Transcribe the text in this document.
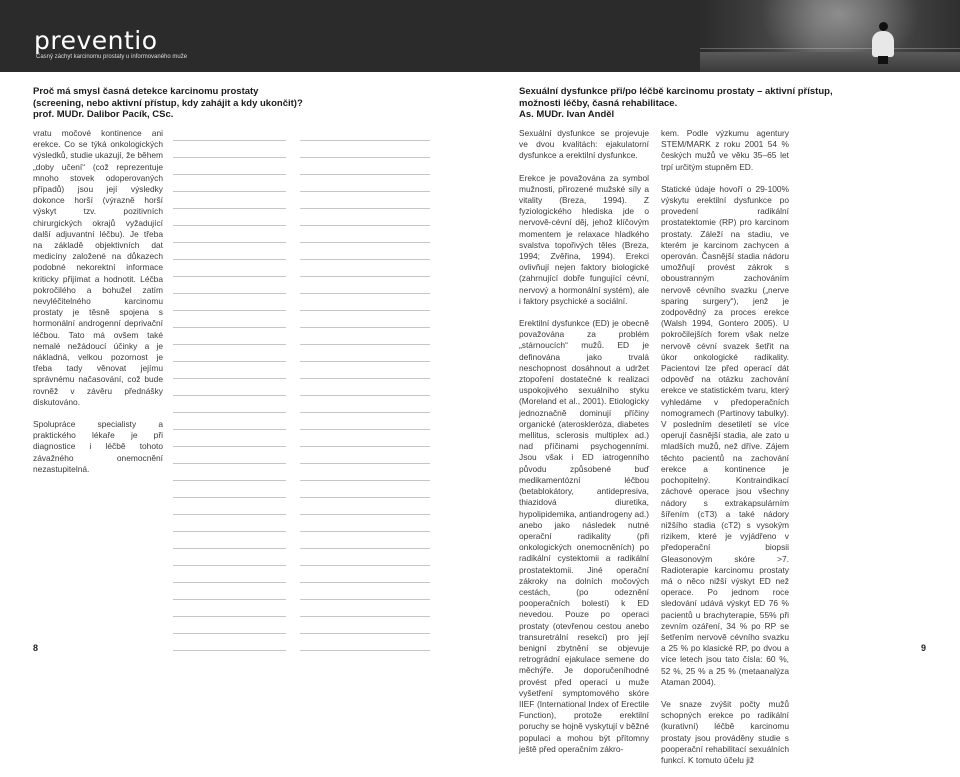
preventio
Časný záchyt karcinomu prostaty u informovaného muže
Proč má smysl časná detekce karcinomu prostaty
(screening, nebo aktivní přístup, kdy zahájit a kdy ukončit)?
prof. MUDr. Dalibor Pacík, CSc.
Sexuální dysfunkce při/po léčbě karcinomu prostaty – aktivní přístup,
možnosti léčby, časná rehabilitace.
As. MUDr. Ivan Anděl

vratu močové kontinence ani erekce. Co se týká onkologických výsledků, studie ukazují, že během „doby učení“ (což reprezentuje mnoho stovek odoperovaných případů) jsou její výsledky dokonce horší (výrazně horší výskyt tzv. pozitivních chirurgických okrajů vyžadující další adjuvantní léčbu). Je třeba na základě objektivních dat medicíny založené na důkazech podobné nekorektní informace kriticky přijímat a hodnotit. Léčba pokročilého a bohužel zatím nevyléčitelného karcinomu prostaty je těsně spojena s hormonální androgenní deprivační léčbou. Tato má ovšem také nemalé nežádoucí účinky a je nákladná, velkou pozornost je třeba tady věnovat jejímu správnému načasování, což bude rovněž v závěru přednášky diskutováno.

Spolupráce specialisty a praktického lékaře je při diagnostice i léčbě tohoto závažného onemocnění nezastupitelná.

Sexuální dysfunkce se projevuje ve dvou kvalitách: ejakulatorní dysfunkce a erektilní dysfunkce.

Erekce je považována za symbol mužnosti, přirozené mužské síly a vitality (Breza, 1994). Z fyziologického hlediska jde o nervově-cévní děj, jehož klíčovým momentem je relaxace hladkého svalstva topořivých těles (Breza, 1994; Zvěřina, 1994). Erekci ovlivňují nejen faktory biologické (zahrnující dobře fungující cévní, nervový a hormonální systém), ale i faktory psychické a sociální.

Erektilní dysfunkce (ED) je obecně považována za problém „stárnoucích“ mužů. ED je definována jako trvalá neschopnost dosáhnout a udržet ztopoření dostatečné k realizaci uspokojivého sexuálního styku (Moreland et al., 2001). Etiologicky jednoznačně dominují příčiny organické (ateroskleróza, diabetes mellitus, sclerosis multiplex ad.) nad příčinami psychogenními. Jsou však i ED iatrogenního původu způsobené buď medikamentózní léčbou (betablokátory, antidepresiva, thiazidová diuretika, hypolipidemika, antiandrogeny ad.) anebo jako následek nutné operační radikality (při onkologických onemocněních) po radikální cystektomii a radikální prostatektomii. Jiné operační zákroky na dolních močových cestách, (po odeznění pooperačních bolestí) k ED nevedou. Pouze po operaci prostaty (otevřenou cestou anebo transuretrální resekcí) pro její benigní zbytnění se objevuje retrográdní ejakulace semene do měchýře. Je doporučeníhodné provést před operací u muže vyšetření symptomového skóre IIEF (International Index of Erectile Function), protože erektilní poruchy se hojně vyskytují v běžné populaci a mohou být přítomny ještě před operačním zákro-

kem. Podle výzkumu agentury STEM/MARK z roku 2001 54 % českých mužů ve věku 35–65 let trpí určitým stupněm ED.

Statické údaje hovoří o 29-100% výskytu erektilní dysfunkce po provedení radikální prostatektomie (RP) pro karcinom prostaty. Záleží na stadiu, ve kterém je karcinom zachycen a operován. Časnější stadia nádoru umožňují provést zákrok s oboustranným zachováním nervově cévního svazku („nerve sparing surgery“), jenž je zodpovědný za proces erekce (Walsh 1994, Gontero 2005). U pokročilejších forem však nelze nervově cévní svazek šetřit na úkor onkologické radikality. Pacientovi lze před operací dát odpověď na otázku zachování erekce ve statistickém tvaru, který vyhledáme v předoperačních nomogramech (Partinovy tabulky). V posledním desetiletí se více operují časnější stadia, ale zato u mladších mužů, než dříve. Zájem těchto pacientů na zachování erekce a kontinence je pochopitelný. Kontraindikací záchové operace jsou všechny nádory s extrakapsulárním šířením (cT3) a také nádory nižšího stadia (cT2) s vysokým rizikem, které je vyjádřeno v předoperační biopsii Gleasonovým skóre >7. Radioterapie karcinomu prostaty má o něco nižší výskyt ED než operace. Po jednom roce sledování udává výskyt ED 76 % pacientů u brachyterapie, 55% při zevním ozáření, 34 % po RP se šetřením nervově cévního svazku a 25 % po klasické RP, po dvou a více letech jsou tato čísla: 60 %, 52 %, 25 % a 25 % (metaanalýza Ataman 2004).

Ve snaze zvýšit počty mužů schopných erekce po radikální (kurativní) léčbě karcinomu prostaty jsou prováděny studie s pooperační rehabilitací sexuálních funkcí. K tomuto účelu již

8	9
